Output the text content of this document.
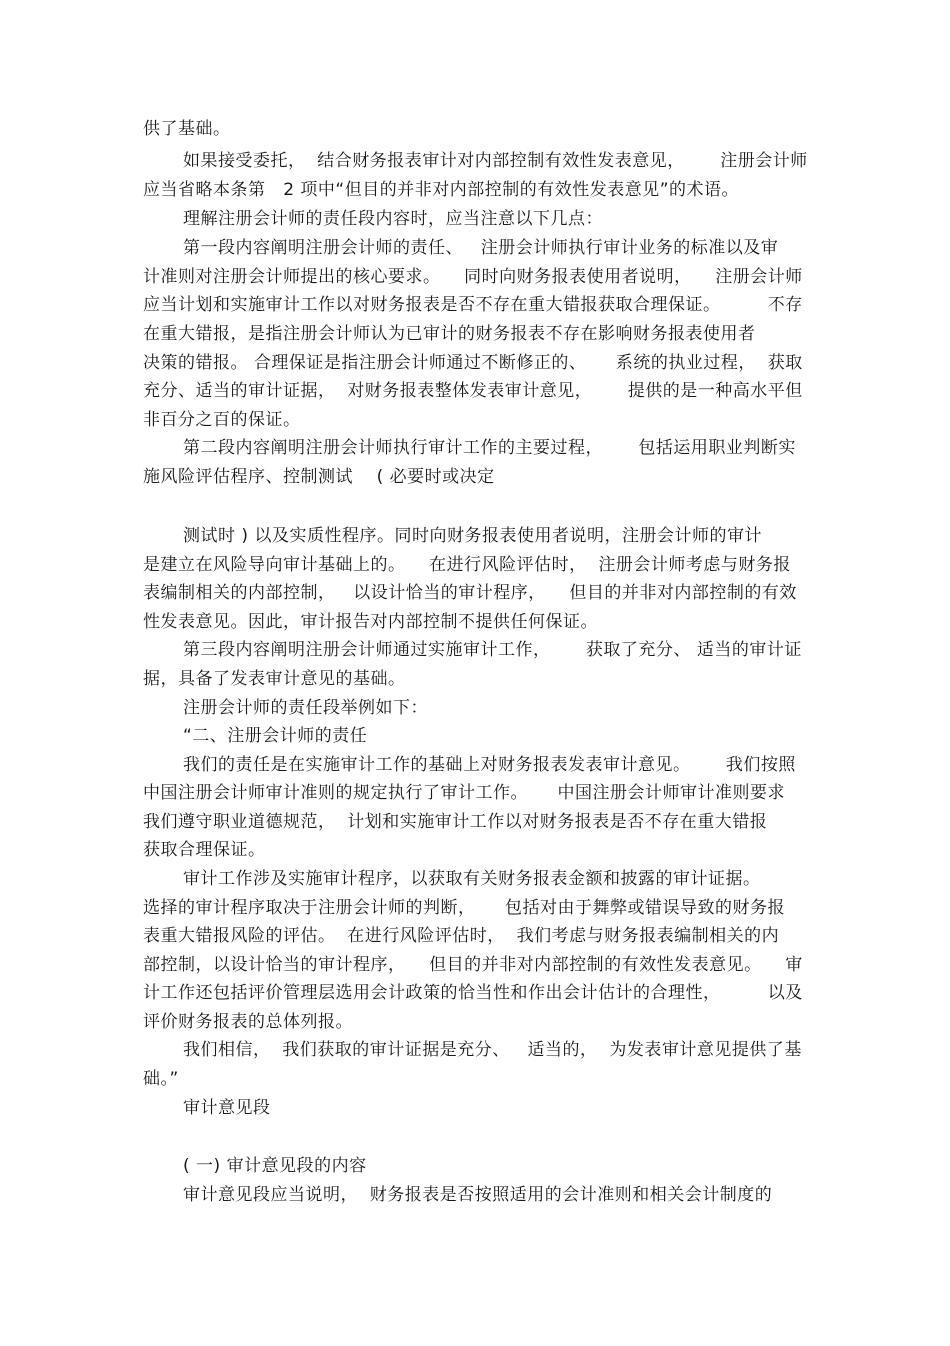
供了基础。
如果接受委托，  结合财务报表审计对内部控制有效性发表意见，      注册会计师
应当省略本条第   2 项中“但目的并非对内部控制的有效性发表意见”的术语。
理解注册会计师的责任段内容时，应当注意以下几点：
第一段内容阐明注册会计师的责任、   注册会计师执行审计业务的标准以及审
计准则对注册会计师提出的核心要求。    同时向财务报表使用者说明，    注册会计师
应当计划和实施审计工作以对财务报表是否不存在重大错报获取合理保证。        不存
在重大错报，是指注册会计师认为已审计的财务报表不存在影响财务报表使用者
决策的错报。 合理保证是指注册会计师通过不断修正的、     系统的执业过程，  获取
充分、适当的审计证据，  对财务报表整体发表审计意见，      提供的是一种高水平但
非百分之百的保证。
第二段内容阐明注册会计师执行审计工作的主要过程，      包括运用职业判断实
施风险评估程序、控制测试    ( 必要时或决定
测试时 ) 以及实质性程序。同时向财务报表使用者说明，注册会计师的审计
是建立在风险导向审计基础上的。    在进行风险评估时，  注册会计师考虑与财务报
表编制相关的内部控制，   以设计恰当的审计程序，    但目的并非对内部控制的有效
性发表意见。因此，审计报告对内部控制不提供任何保证。
第三段内容阐明注册会计师通过实施审计工作，      获取了充分、 适当的审计证
据，具备了发表审计意见的基础。
注册会计师的责任段举例如下：
“二、注册会计师的责任
我们的责任是在实施审计工作的基础上对财务报表发表审计意见。      我们按照
中国注册会计师审计准则的规定执行了审计工作。     中国注册会计师审计准则要求
我们遵守职业道德规范，  计划和实施审计工作以对财务报表是否不存在重大错报
获取合理保证。
审计工作涉及实施审计程序，以获取有关财务报表金额和披露的审计证据。
选择的审计程序取决于注册会计师的判断，     包括对由于舞弊或错误导致的财务报
表重大错报风险的评估。  在进行风险评估时，  我们考虑与财务报表编制相关的内
部控制，以设计恰当的审计程序，    但目的并非对内部控制的有效性发表意见。    审
计工作还包括评价管理层选用会计政策的恰当性和作出会计估计的合理性，        以及
评价财务报表的总体列报。
我们相信，  我们获取的审计证据是充分、   适当的，  为发表审计意见提供了基
础。”
审计意见段
( 一) 审计意见段的内容
审计意见段应当说明，  财务报表是否按照适用的会计准则和相关会计制度的
